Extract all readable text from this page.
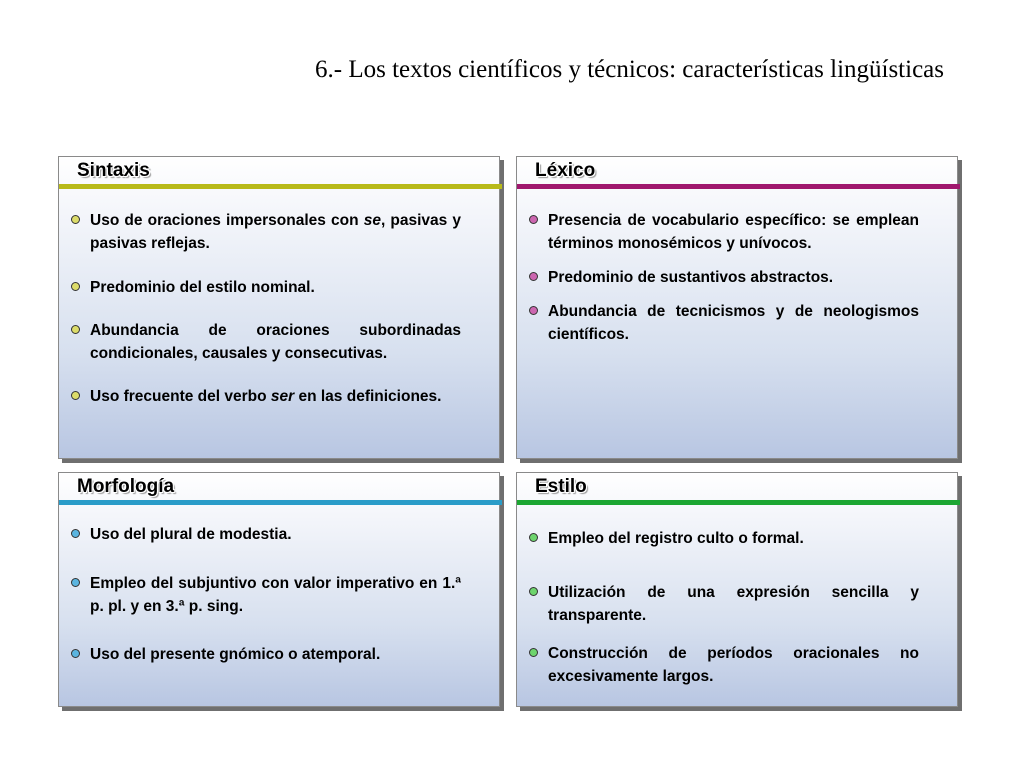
6.- Los textos científicos y técnicos: características lingüísticas
Sintaxis
Uso de oraciones impersonales con se, pasivas y pasivas reflejas.
Predominio del estilo nominal.
Abundancia de oraciones subordinadas condicionales, causales y consecutivas.
Uso frecuente del verbo ser en las definiciones.
Léxico
Presencia de vocabulario específico: se emplean términos monosémicos y unívocos.
Predominio de sustantivos abstractos.
Abundancia de tecnicismos y de neologismos científicos.
Morfología
Uso del plural de modestia.
Empleo del subjuntivo con valor imperativo en 1.ª p. pl. y en 3.ª p. sing.
Uso del presente gnómico o atemporal.
Estilo
Empleo del registro culto o formal.
Utilización de una expresión sencilla y transparente.
Construcción de períodos oracionales no excesivamente largos.
